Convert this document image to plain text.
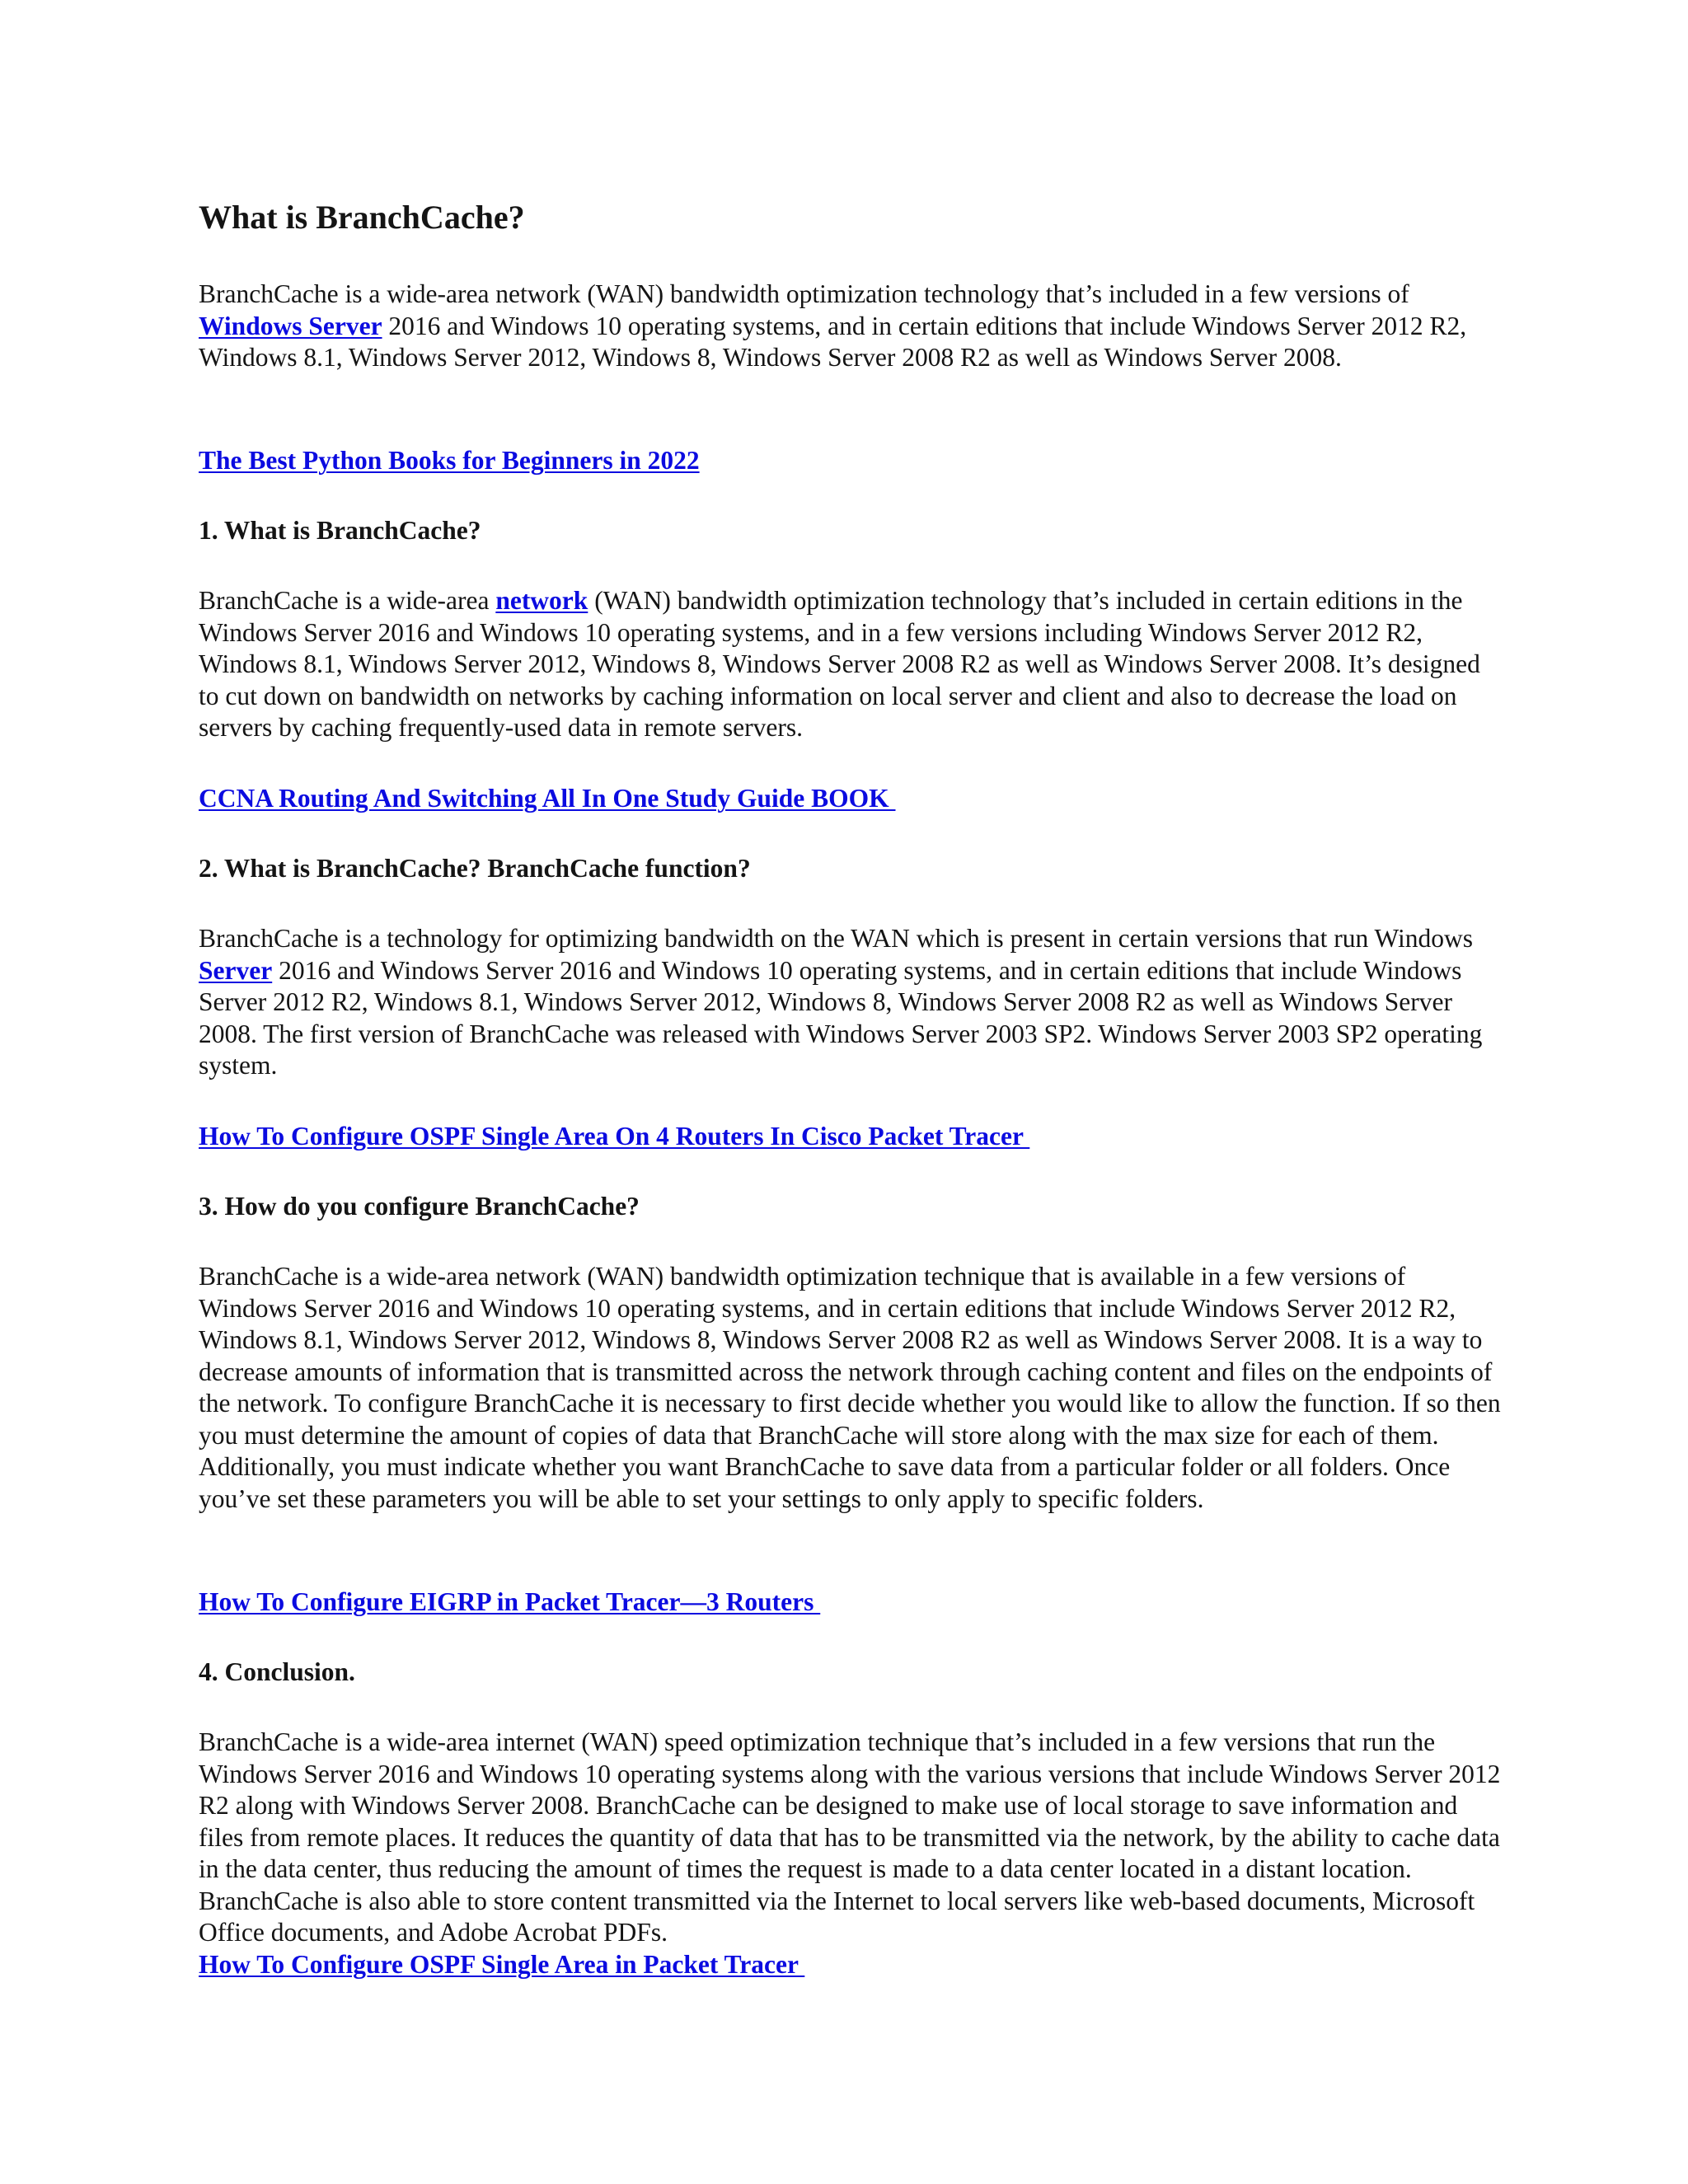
What is BranchCache?

BranchCache is a wide-area network (WAN) bandwidth optimization technology that’s included in a few versions of Windows Server 2016 and Windows 10 operating systems, and in certain editions that include Windows Server 2012 R2, Windows 8.1, Windows Server 2012, Windows 8, Windows Server 2008 R2 as well as Windows Server 2008.

The Best Python Books for Beginners in 2022

1. What is BranchCache?

BranchCache is a wide-area network (WAN) bandwidth optimization technology that’s included in certain editions in the Windows Server 2016 and Windows 10 operating systems, and in a few versions including Windows Server 2012 R2, Windows 8.1, Windows Server 2012, Windows 8, Windows Server 2008 R2 as well as Windows Server 2008. It’s designed to cut down on bandwidth on networks by caching information on local server and client and also to decrease the load on servers by caching frequently-used data in remote servers.

CCNA Routing And Switching All In One Study Guide BOOK

2. What is BranchCache? BranchCache function?

BranchCache is a technology for optimizing bandwidth on the WAN which is present in certain versions that run Windows Server 2016 and Windows Server 2016 and Windows 10 operating systems, and in certain editions that include Windows Server 2012 R2, Windows 8.1, Windows Server 2012, Windows 8, Windows Server 2008 R2 as well as Windows Server 2008. The first version of BranchCache was released with Windows Server 2003 SP2. Windows Server 2003 SP2 operating system.

How To Configure OSPF Single Area On 4 Routers In Cisco Packet Tracer

3. How do you configure BranchCache?

BranchCache is a wide-area network (WAN) bandwidth optimization technique that is available in a few versions of Windows Server 2016 and Windows 10 operating systems, and in certain editions that include Windows Server 2012 R2, Windows 8.1, Windows Server 2012, Windows 8, Windows Server 2008 R2 as well as Windows Server 2008. It is a way to decrease amounts of information that is transmitted across the network through caching content and files on the endpoints of the network. To configure BranchCache it is necessary to first decide whether you would like to allow the function. If so then you must determine the amount of copies of data that BranchCache will store along with the max size for each of them. Additionally, you must indicate whether you want BranchCache to save data from a particular folder or all folders. Once you’ve set these parameters you will be able to set your settings to only apply to specific folders.

How To Configure EIGRP in Packet Tracer—3 Routers

4. Conclusion.

BranchCache is a wide-area internet (WAN) speed optimization technique that’s included in a few versions that run the Windows Server 2016 and Windows 10 operating systems along with the various versions that include Windows Server 2012 R2 along with Windows Server 2008. BranchCache can be designed to make use of local storage to save information and files from remote places. It reduces the quantity of data that has to be transmitted via the network, by the ability to cache data in the data center, thus reducing the amount of times the request is made to a data center located in a distant location. BranchCache is also able to store content transmitted via the Internet to local servers like web-based documents, Microsoft Office documents, and Adobe Acrobat PDFs.

How To Configure OSPF Single Area in Packet Tracer
